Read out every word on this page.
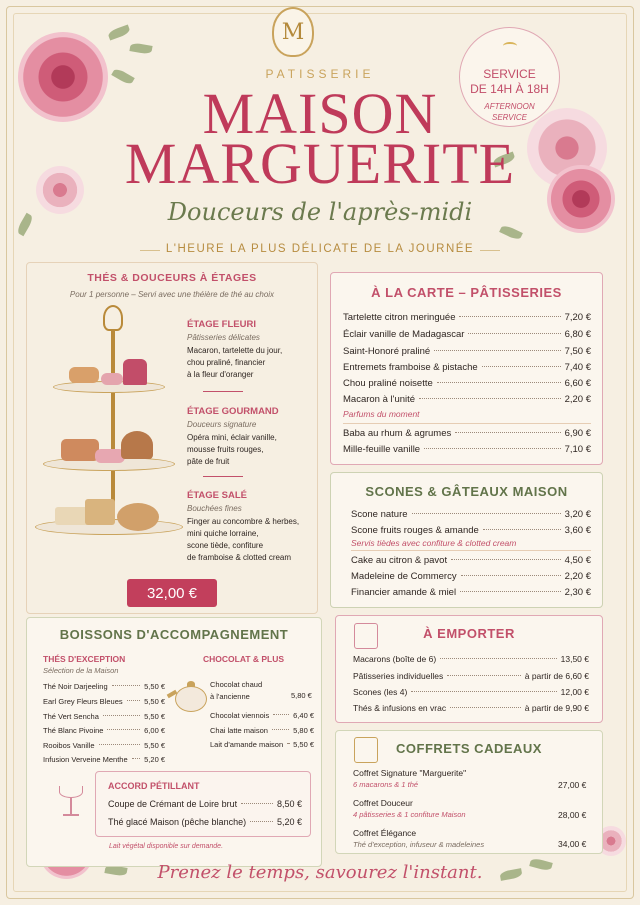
M
PATISSERIE
MAISON
MARGUERITE
Douceurs de l'après-midi
L'HEURE LA PLUS DÉLICATE DE LA JOURNÉE
SERVICE
DE 14H À 18H
AFTERNOON
SERVICE
THÉS & DOUCEURS À ÉTAGES
Pour 1 personne – Servi avec une théière de thé au choix
ÉTAGE FLEURI
Pâtisseries délicates
Macaron, tartelette du jour,
chou praliné, financier
à la fleur d'oranger
ÉTAGE GOURMAND
Douceurs signature
Opéra mini, éclair vanille,
mousse fruits rouges,
pâte de fruit
ÉTAGE SALÉ
Bouchées fines
Finger au concombre & herbes,
mini quiche lorraine,
scone tiède, confiture
de framboise & clotted cream
32,00 €
À LA CARTE – PÂTISSERIES
Tartelette citron meringuée	7,20 €
Éclair vanille de Madagascar	6,80 €
Saint-Honoré praliné	7,50 €
Entremets framboise & pistache	7,40 €
Chou praliné noisette	6,60 €
Macaron à l'unité	2,20 €
Parfums du moment
Baba au rhum & agrumes	6,90 €
Mille-feuille vanille	7,10 €
SCONES & GÂTEAUX MAISON
Scone nature	3,20 €
Scone fruits rouges & amande	3,60 €
Servis tièdes avec confiture & clotted cream
Cake au citron & pavot	4,50 €
Madeleine de Commercy	2,20 €
Financier amande & miel	2,30 €
BOISSONS D'ACCOMPAGNEMENT
THÉS D'EXCEPTION
Sélection de la Maison
Thé Noir Darjeeling	5,50 €
Earl Grey Fleurs Bleues	5,50 €
Thé Vert Sencha	5,50 €
Thé Blanc Pivoine	6,00 €
Rooibos Vanille	5,50 €
Infusion Verveine Menthe 5,20 €
CHOCOLAT & PLUS
Chocolat chaud
à l'ancienne	5,80 €
Chocolat viennois	6,40 €
Chai latte maison	5,80 €
Lait d'amande maison 5,50 €
ACCORD PÉTILLANT
Coupe de Crémant de Loire brut	8,50 €
Thé glacé Maison (pêche blanche)	5,20 €
Lait végétal disponible sur demande.
À EMPORTER
Macarons (boîte de 6)	13,50 €
Pâtisseries individuelles	à partir de 6,60 €
Scones (les 4)	12,00 €
Thés & infusions en vrac	à partir de 9,90 €
COFFRETS CADEAUX
Coffret Signature "Marguerite"
6 macarons & 1 thé	27,00 €
Coffret Douceur
4 pâtisseries & 1 confiture Maison	28,00 €
Coffret Élégance
Thé d'exception, infuseur & madeleines	34,00 €
Prenez le temps, savourez l'instant.
